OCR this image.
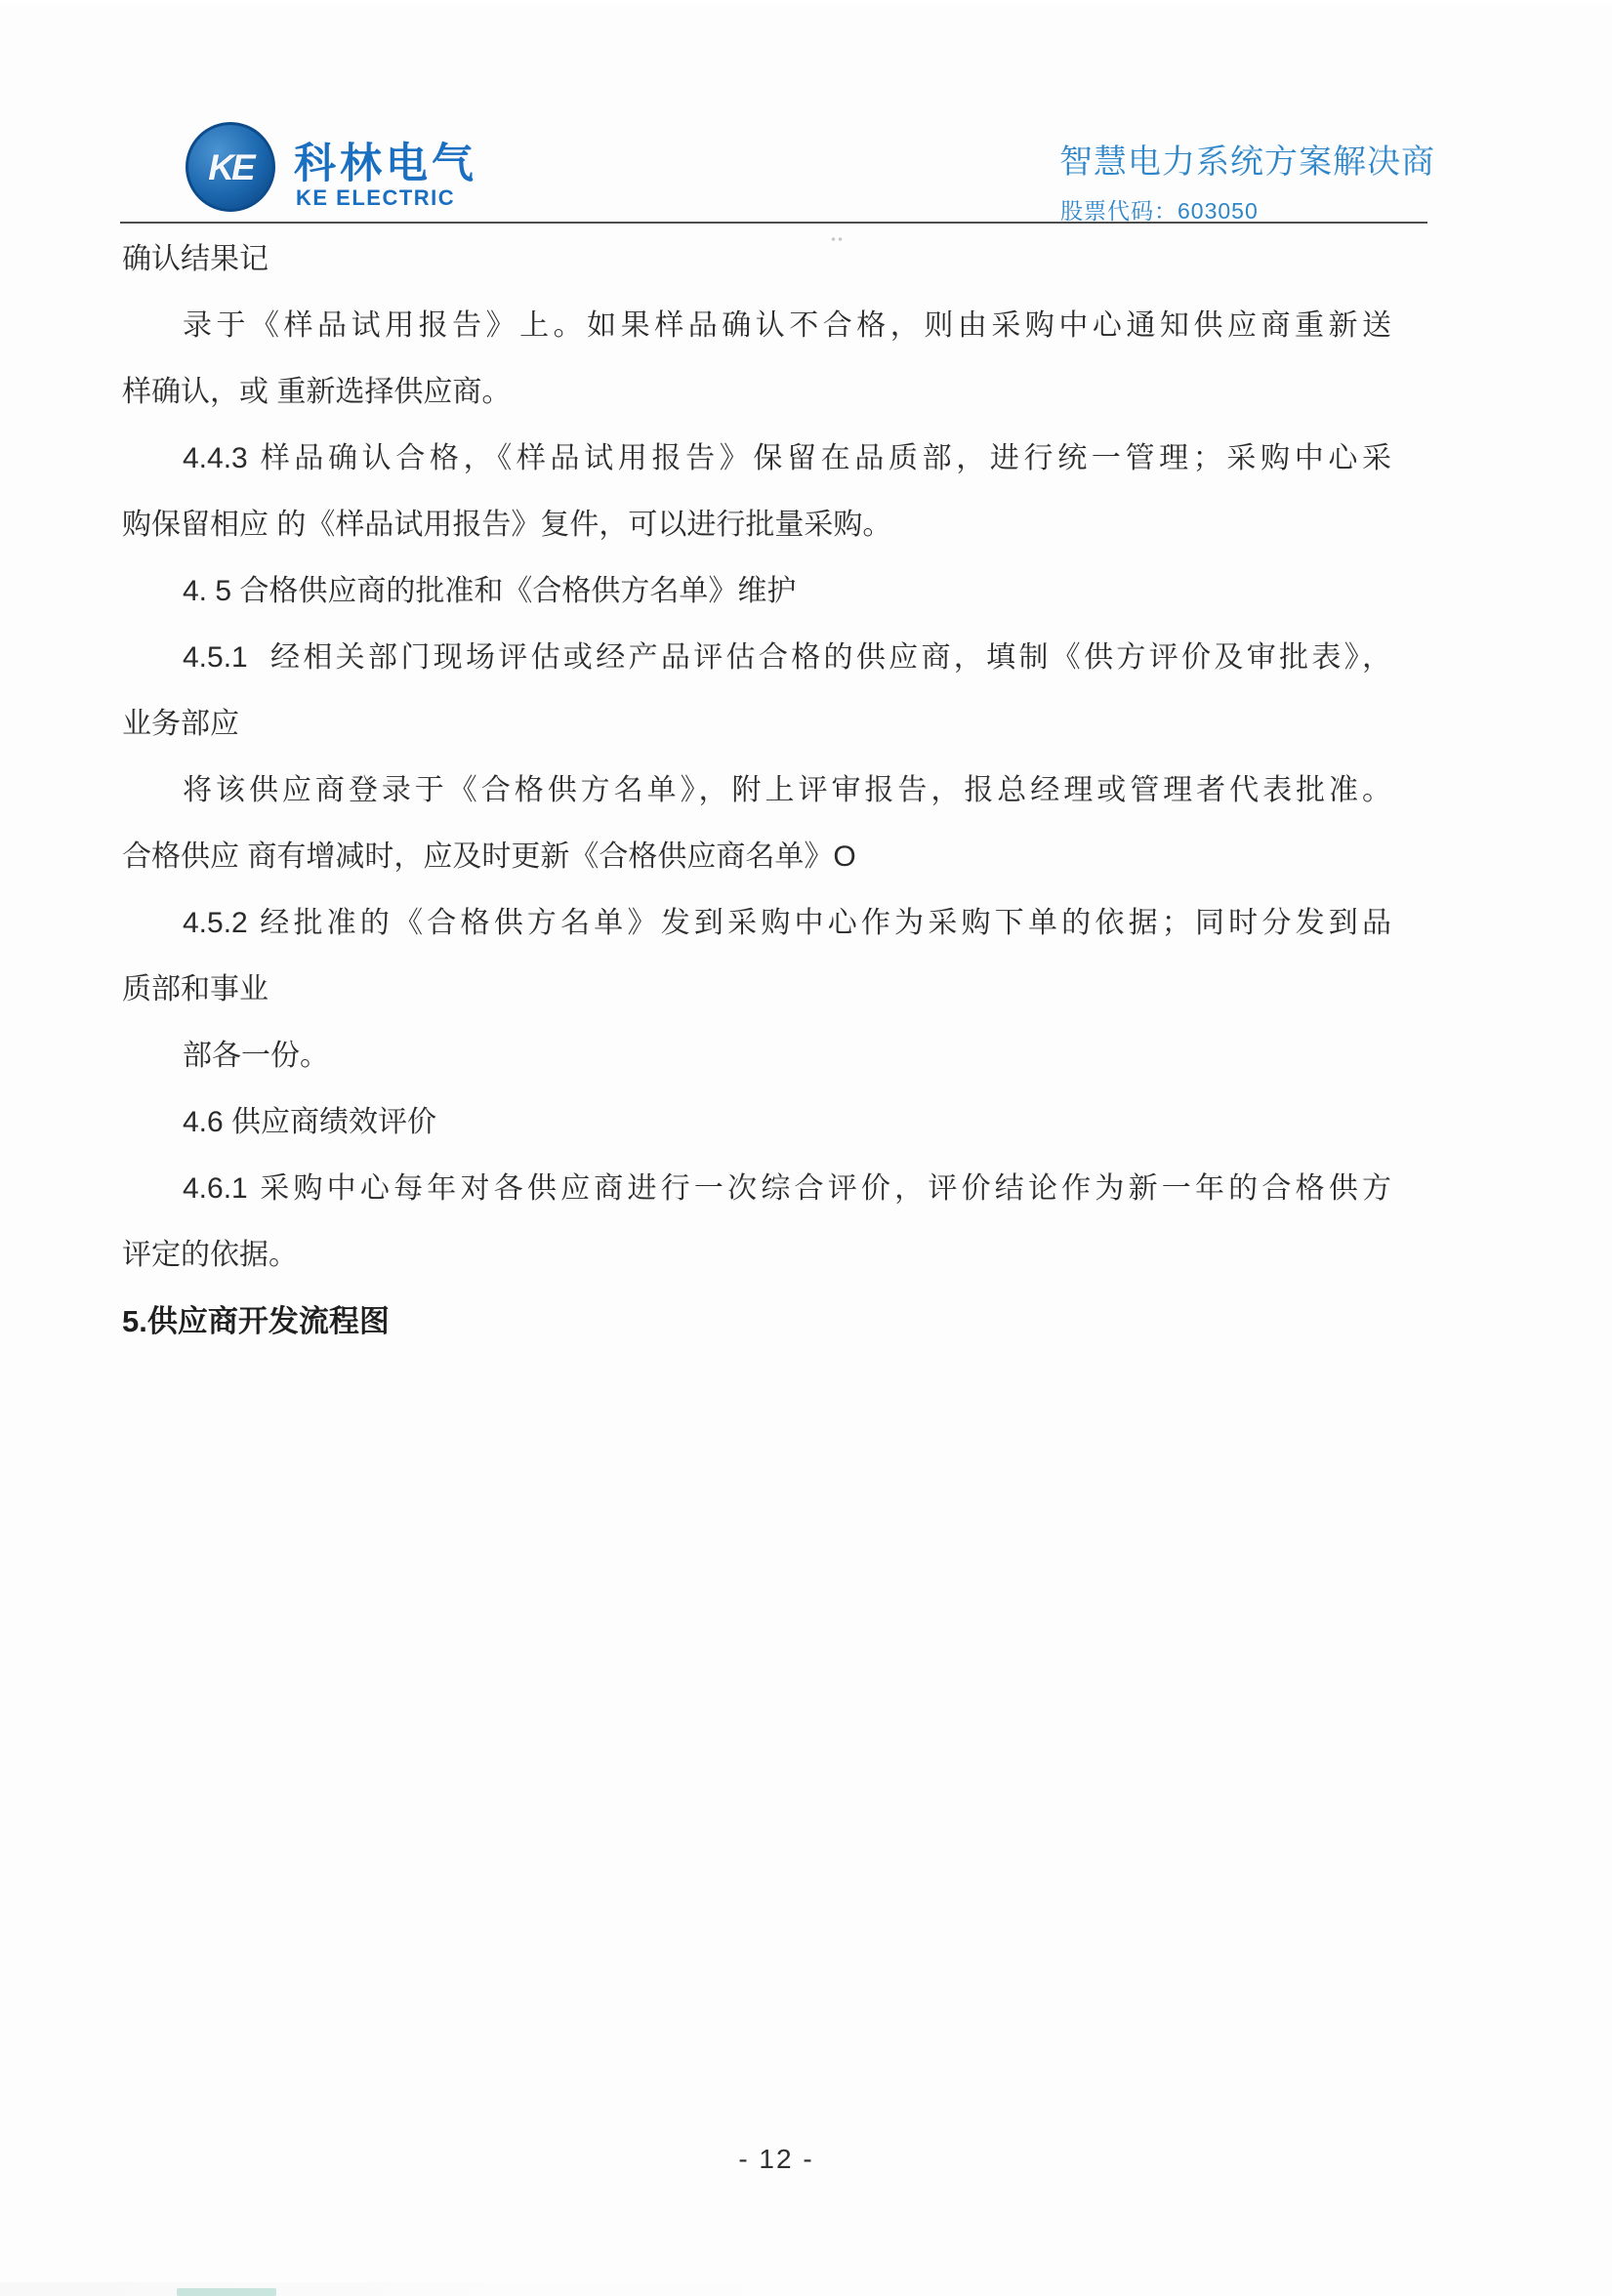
KE 科林电气
KE ELECTRIC
智慧电力系统方案解决商
股票代码：603050
确认结果记
录于《样品试用报告》上。如果样品确认不合格，则由采购中心通知供应商重新送
样确认，或 重新选择供应商。
4.4.3 样品确认合格，《样品试用报告》保留在品质部，进行统一管理；采购中心采
购保留相应 的《样品试用报告》复件，可以进行批量采购。
4. 5 合格供应商的批准和《合格供方名单》维护
4.5.1  经相关部门现场评估或经产品评估合格的供应商，填制《供方评价及审批表》，
业务部应
将该供应商登录于《合格供方名单》，附上评审报告，报总经理或管理者代表批准。
合格供应 商有增减时，应及时更新《合格供应商名单》O
4.5.2 经批准的《合格供方名单》发到采购中心作为采购下单的依据；同时分发到品
质部和事业
部各一份。
4.6 供应商绩效评价
4.6.1 采购中心每年对各供应商进行一次综合评价，评价结论作为新一年的合格供方
评定的依据。
5.供应商开发流程图
- 12 -
